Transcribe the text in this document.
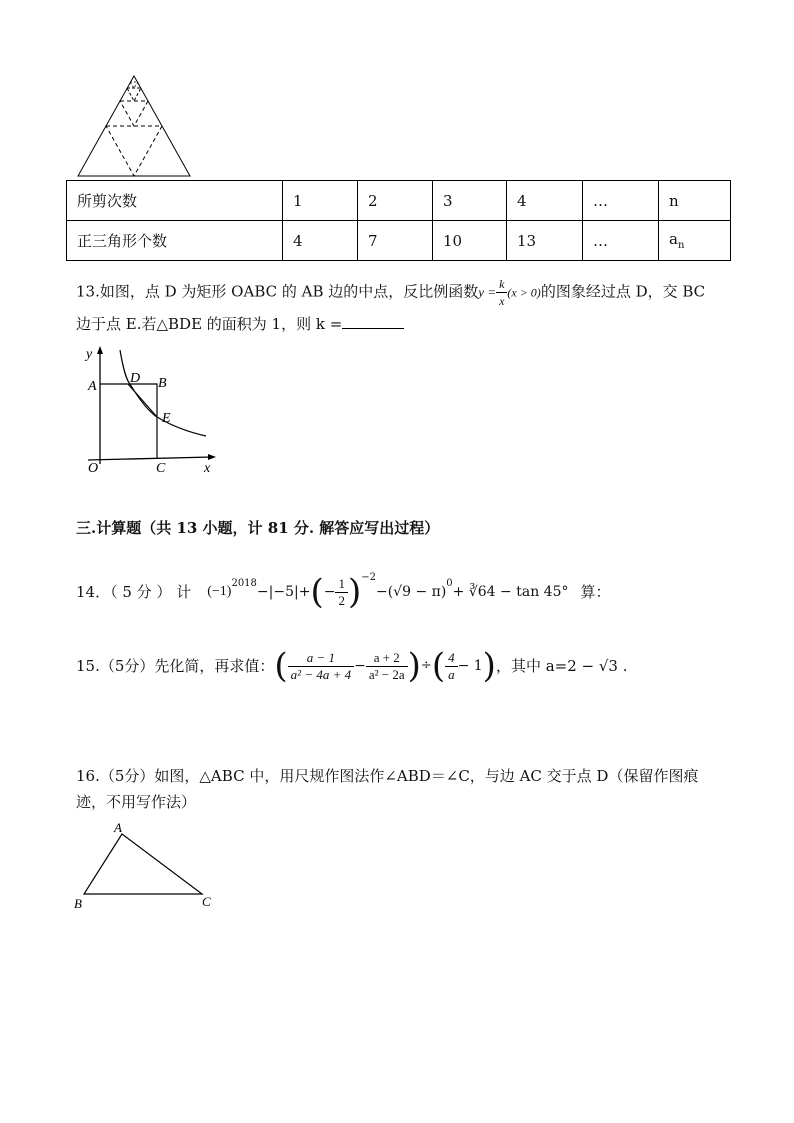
所剪次数	1	2	3	4	…	n
正三角形个数	4	7	10	13	…	$a_n$
13.如图，点 D 为矩形 OABC 的 AB 边的中点，反比例函数$y = \frac{k}{x} (x > 0)$的图象经过点 D，交 BC
边于点 E.若△BDE 的面积为 1，则 k =
y
A
D B
E
O	C	x
三.计算题（共 13 小题，计 81 分. 解答应写出过程）
14．（ 5 分 ） 计 (−1)
$^{2018}$
−|−5|+ ( − $\frac{1}{2} )^{-2}$
−(√9 − π)
$^0$
+ ∛64 − tan 45° 算：
15.（5分）先化简，再求值： ( $\frac{a - 1}{\text{a² − 4a + 4}} - \frac{a + 2}{\text{a² − 2a}}$ ) ÷ ( $\frac{4}{a} - 1$ ) ，其中 a=2 − √3 .
16.（5分）如图，△ABC 中，用尺规作图法作∠ABD＝∠C，与边 AC 交于点 D（保留作图痕
迹，不用写作法）
A
B	C
